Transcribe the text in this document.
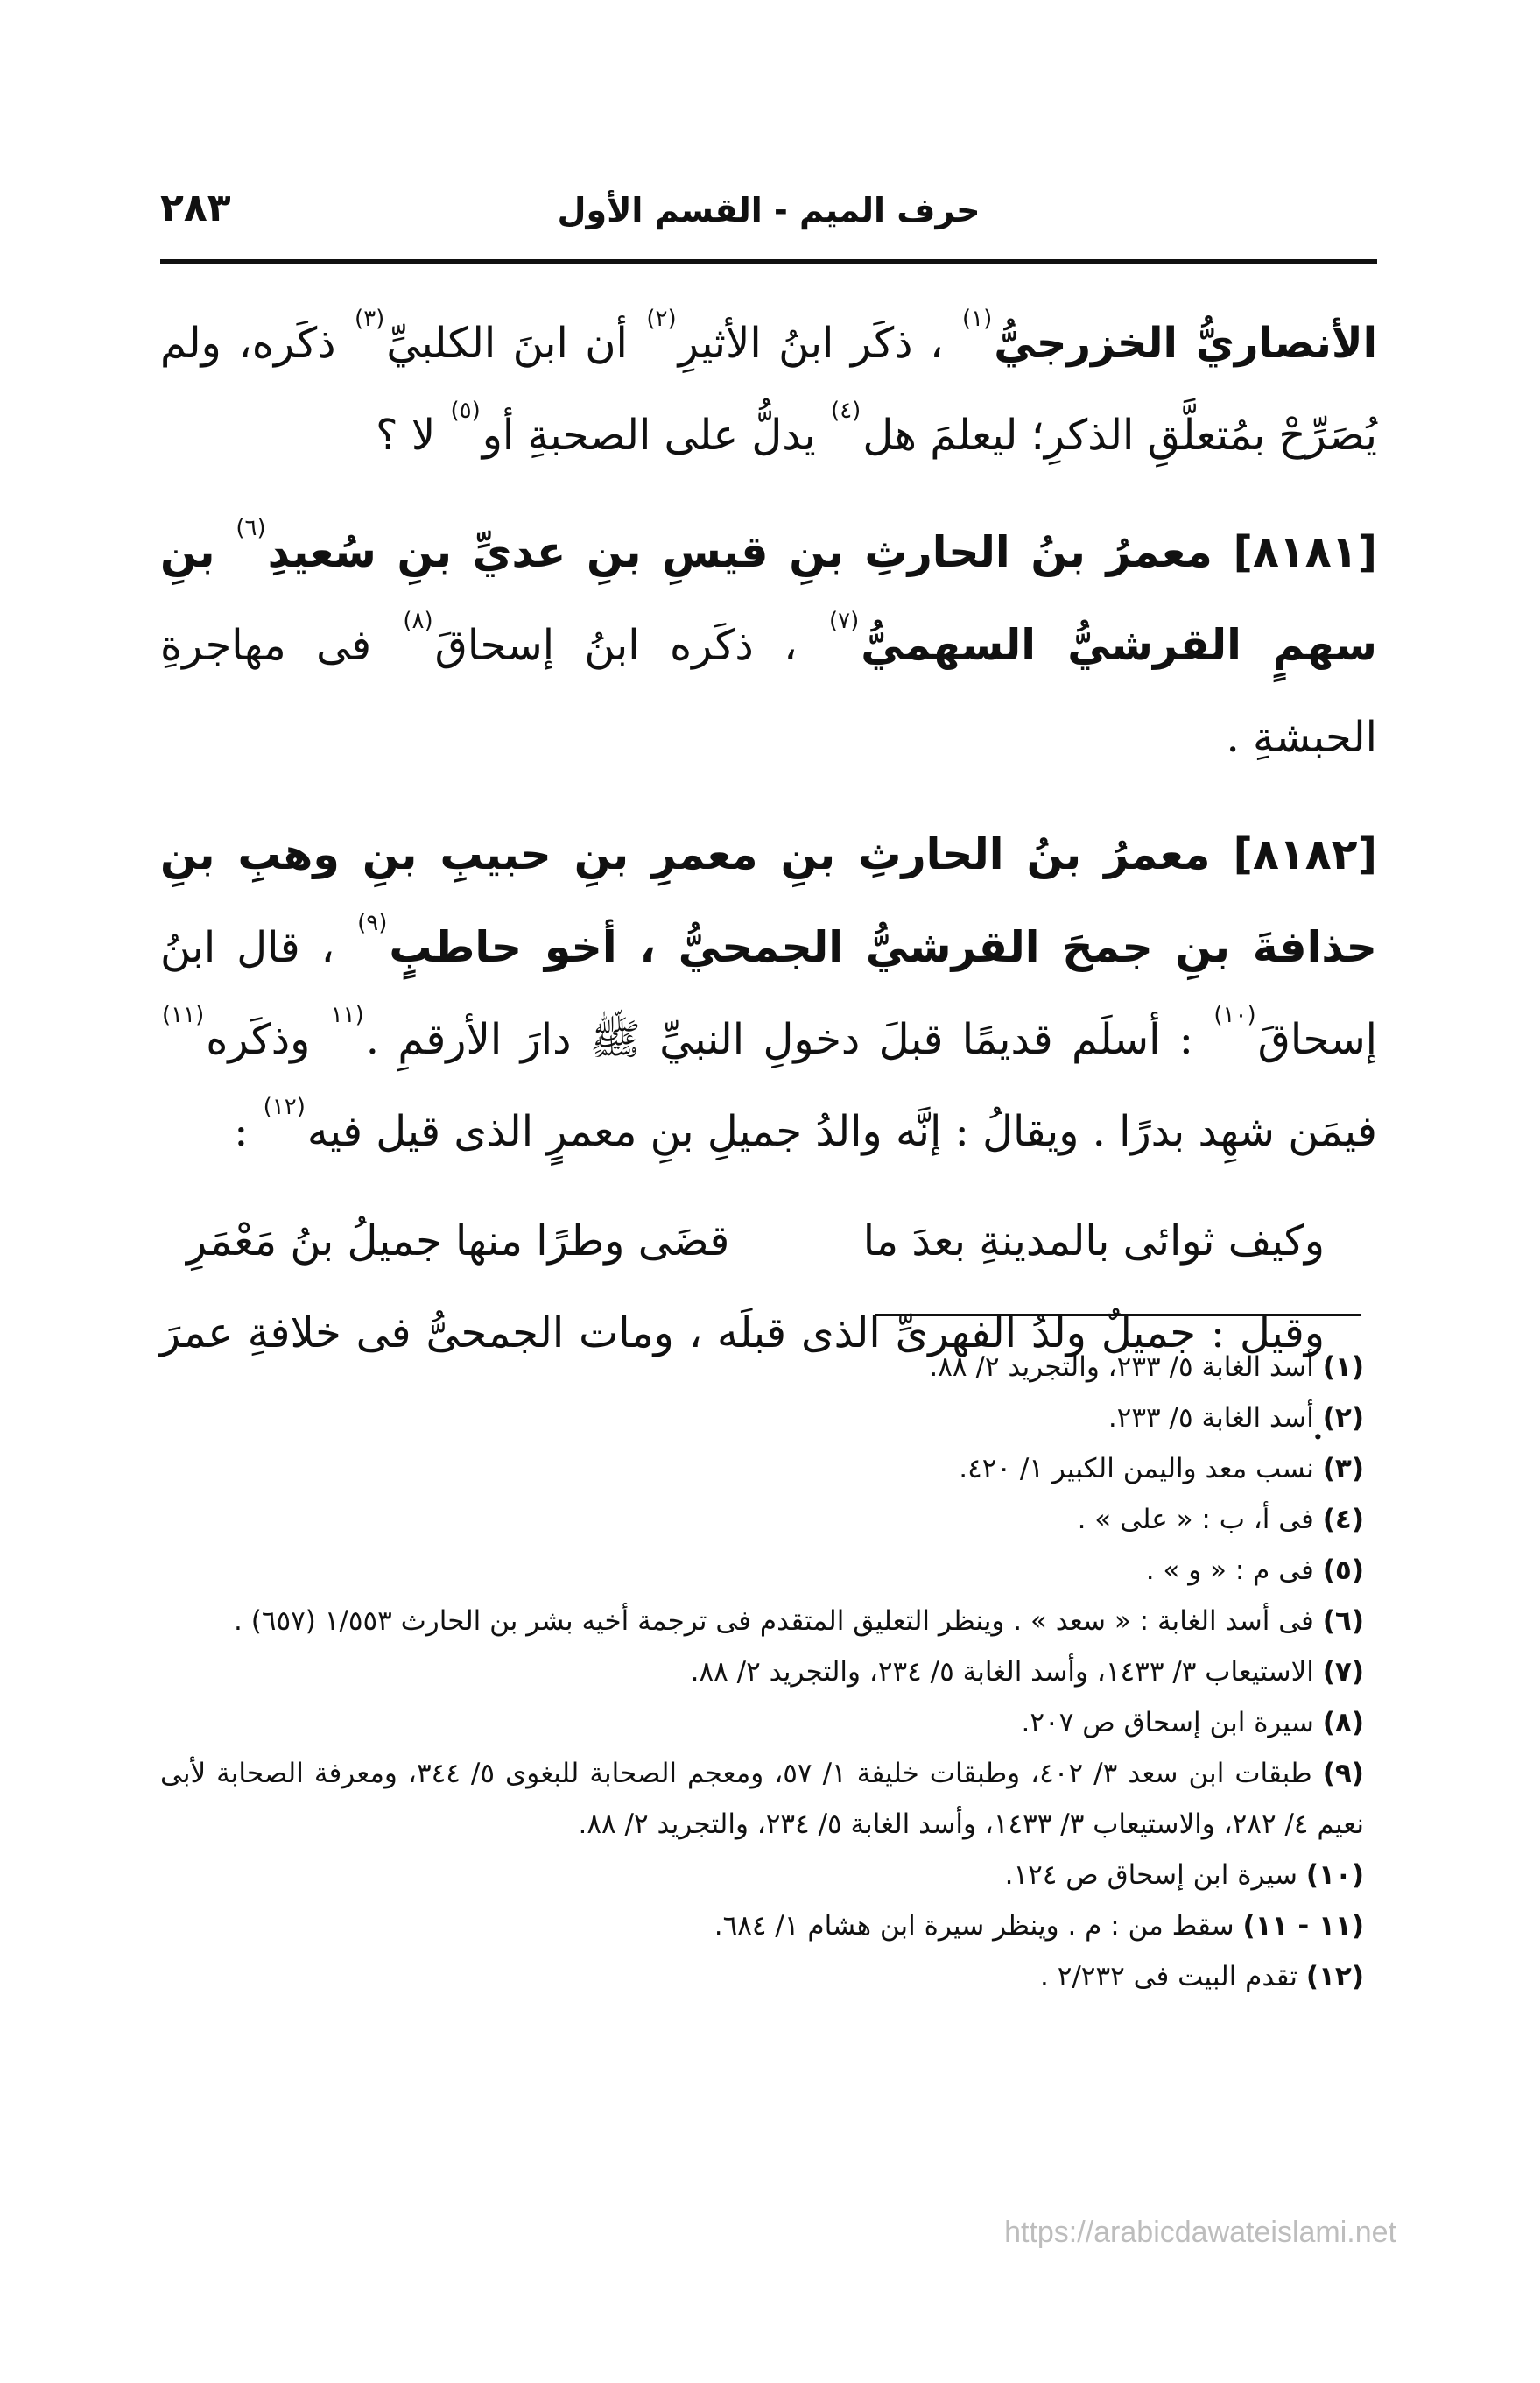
حرف الميم - القسم الأول
٢٨٣

الأنصاريُّ الخزرجيُّ$^{(١)}$ ، ذكَر ابنُ الأثيرِ$^{(٢)}$ أن ابنَ الكلبيِّ$^{(٣)}$ ذكَره، ولم يُصَرِّحْ بمُتعلَّقِ الذكرِ؛ ليعلمَ هل$^{(٤)}$ يدلُّ على الصحبةِ أو$^{(٥)}$ لا ؟

[٨١٨١] معمرُ بنُ الحارثِ بنِ قيسِ بنِ عديِّ بنِ سُعيدِ$^{(٦)}$ بنِ سهمٍ القرشيُّ السهميُّ$^{(٧)}$ ، ذكَره ابنُ إسحاقَ$^{(٨)}$ فى مهاجرةِ الحبشةِ .

[٨١٨٢] معمرُ بنُ الحارثِ بنِ معمرِ بنِ حبيبِ بنِ وهبِ بنِ حذافةَ بنِ جمحَ القرشيُّ الجمحيُّ ، أخو حاطبٍ$^{(٩)}$ ، قال ابنُ إسحاقَ$^{(١٠)}$ : أسلَم قديمًا قبلَ دخولِ النبيِّ ﷺ دارَ الأرقمِ .$^{(١١}$ وذكَره$^{(١١)}$ فيمَن شهِد بدرًا . ويقالُ : إنَّه والدُ جميلِ بنِ معمرٍ الذى قيل فيه$^{(١٢)}$ :

وكيف ثوائى بالمدينةِ بعدَ ما
قضَى وطرًا منها جميلُ بنُ مَعْمَرِ

وقيل : جميلٌ ولدُ الفهرىِّ الذى قبلَه ، ومات الجمحىُّ فى خلافةِ عمرَ .

(١) أسد الغابة ٥/ ٢٣٣، والتجريد ٢/ ٨٨.

(٢) أسد الغابة ٥/ ٢٣٣.

(٣) نسب معد واليمن الكبير ١/ ٤٢٠.

(٤) فى أ، ب : « على » .

(٥) فى م : « و » .

(٦) فى أسد الغابة : « سعد » . وينظر التعليق المتقدم فى ترجمة أخيه بشر بن الحارث ١/٥٥٣ (٦٥٧) .

(٧) الاستيعاب ٣/ ١٤٣٣، وأسد الغابة ٥/ ٢٣٤، والتجريد ٢/ ٨٨.

(٨) سيرة ابن إسحاق ص ٢٠٧.

(٩) طبقات ابن سعد ٣/ ٤٠٢، وطبقات خليفة ١/ ٥٧، ومعجم الصحابة للبغوى ٥/ ٣٤٤، ومعرفة الصحابة لأبى نعيم ٤/ ٢٨٢، والاستيعاب ٣/ ١٤٣٣، وأسد الغابة ٥/ ٢٣٤، والتجريد ٢/ ٨٨.

(١٠) سيرة ابن إسحاق ص ١٢٤.

(١١ - ١١) سقط من : م . وينظر سيرة ابن هشام ١/ ٦٨٤.

(١٢) تقدم البيت فى ٢/٢٣٢ .

https://arabicdawateislami.net
